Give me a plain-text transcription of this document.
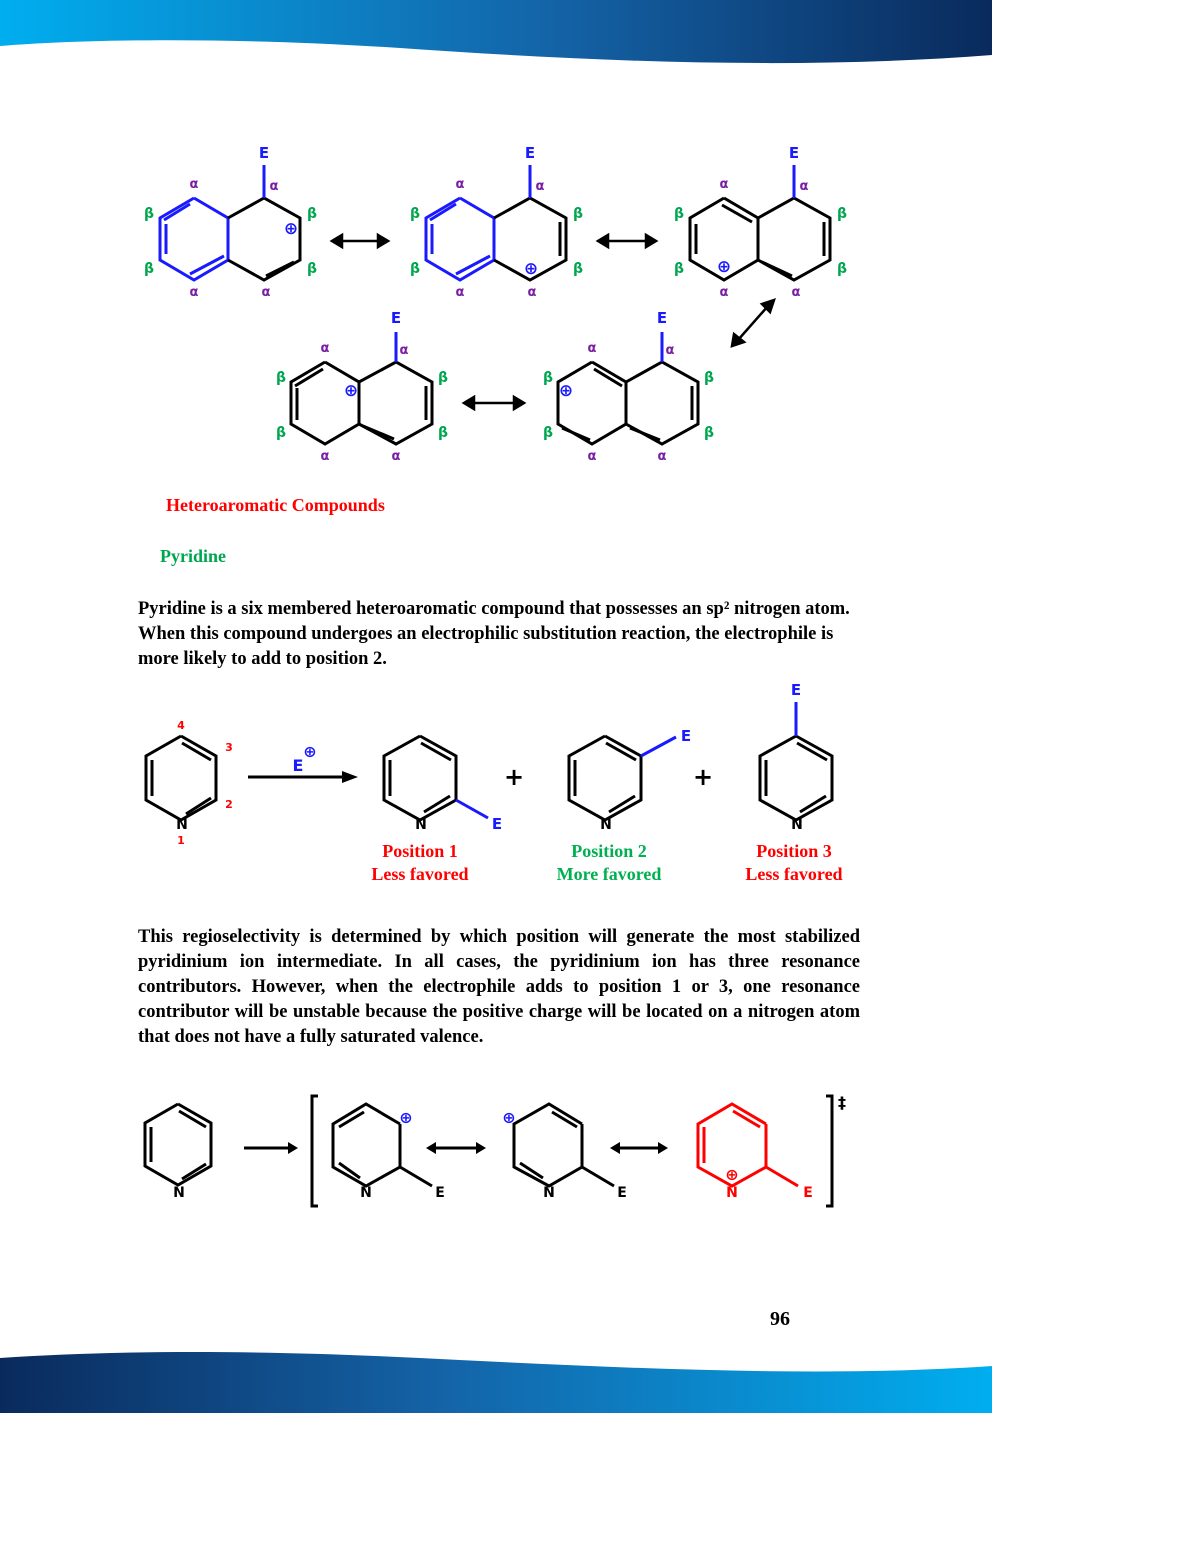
E
α	α
α	α
β
β
β
β
⊕
E
α	α
α	α
β
β
β
β
⊕
E
α	α
α	α
β
β
β
β
⊕
E
α	α
α	α
β
β
β
β
⊕
E
α	α
α	α
β
β
β
β
⊕
Heteroaromatic Compounds
Pyridine
Pyridine is a six membered heteroaromatic compound that possesses an sp² nitrogen atom. When this compound undergoes an electrophilic substitution reaction, the electrophile is more likely to add to position 2.
4
3
2
1
N
E
⊕
N	E
+
N
E
+
N
E
Position 1
Less favored
Position 2
More favored
Position 3
Less favored
This regioselectivity is determined by which position will generate the most stabilized pyridinium ion intermediate. In all cases, the pyridinium ion has three resonance contributors. However, when the electrophile adds to position 1 or 3, one resonance contributor will be unstable because the positive charge will be located on a nitrogen atom that does not have a fully saturated valence.
N	N	E
⊕
N	E
⊕
N
⊕
E
‡
96
